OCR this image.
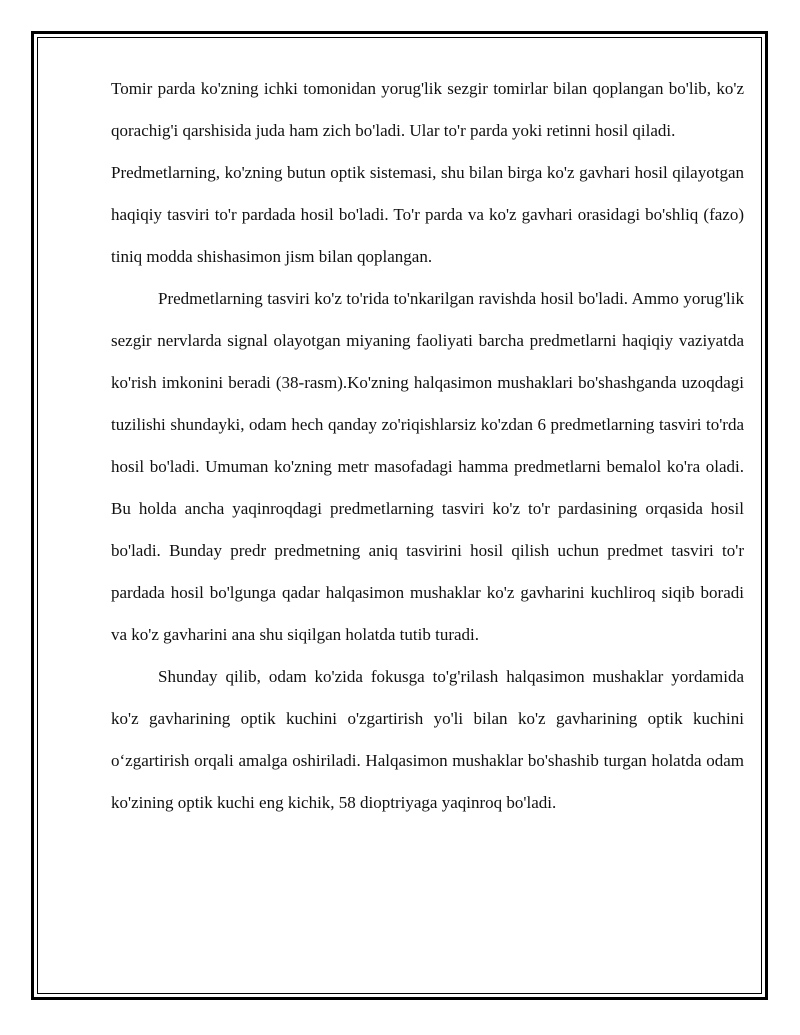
Tomir parda ko'zning ichki tomonidan yorug'lik sezgir tomirlar bilan qoplangan bo'lib, ko'z qorachig'i qarshisida juda ham zich bo'ladi. Ular to'r parda yoki retinni hosil qiladi.

Predmetlarning, ko'zning butun optik sistemasi, shu bilan birga ko'z gavhari hosil qilayotgan haqiqiy tasviri to'r pardada hosil bo'ladi. To'r parda va ko'z gavhari orasidagi bo'shliq (fazo) tiniq modda shishasimon jism bilan qoplangan.

Predmetlarning tasviri ko'z to'rida to'nkarilgan ravishda hosil bo'ladi. Ammo yorug'lik sezgir nervlarda signal olayotgan miyaning faoliyati barcha predmetlarni haqiqiy vaziyatda ko'rish imkonini beradi (38-rasm).Ko'zning halqasimon mushaklari bo'shashganda uzoqdagi tuzilishi shundayki, odam hech qanday zo'riqishlarsiz ko'zdan 6 predmetlarning tasviri to'rda hosil bo'ladi. Umuman ko'zning metr masofadagi hamma predmetlarni bemalol ko'ra oladi. Bu holda ancha yaqinroqdagi predmetlarning tasviri ko'z to'r pardasining orqasida hosil bo'ladi. Bunday predr predmetning aniq tasvirini hosil qilish uchun predmet tasviri to'r pardada hosil bo'lgunga qadar halqasimon mushaklar ko'z gavharini kuchliroq siqib boradi va ko'z gavharini ana shu siqilgan holatda tutib turadi.

Shunday qilib, odam ko'zida fokusga to'g'rilash halqasimon mushaklar yordamida ko'z gavharining optik kuchini o'zgartirish yo'li bilan ko'z gavharining optik kuchini o‘zgartirish orqali amalga oshiriladi. Halqasimon mushaklar bo'shashib turgan holatda odam ko'zining optik kuchi eng kichik, 58 dioptriyaga yaqinroq bo'ladi.
